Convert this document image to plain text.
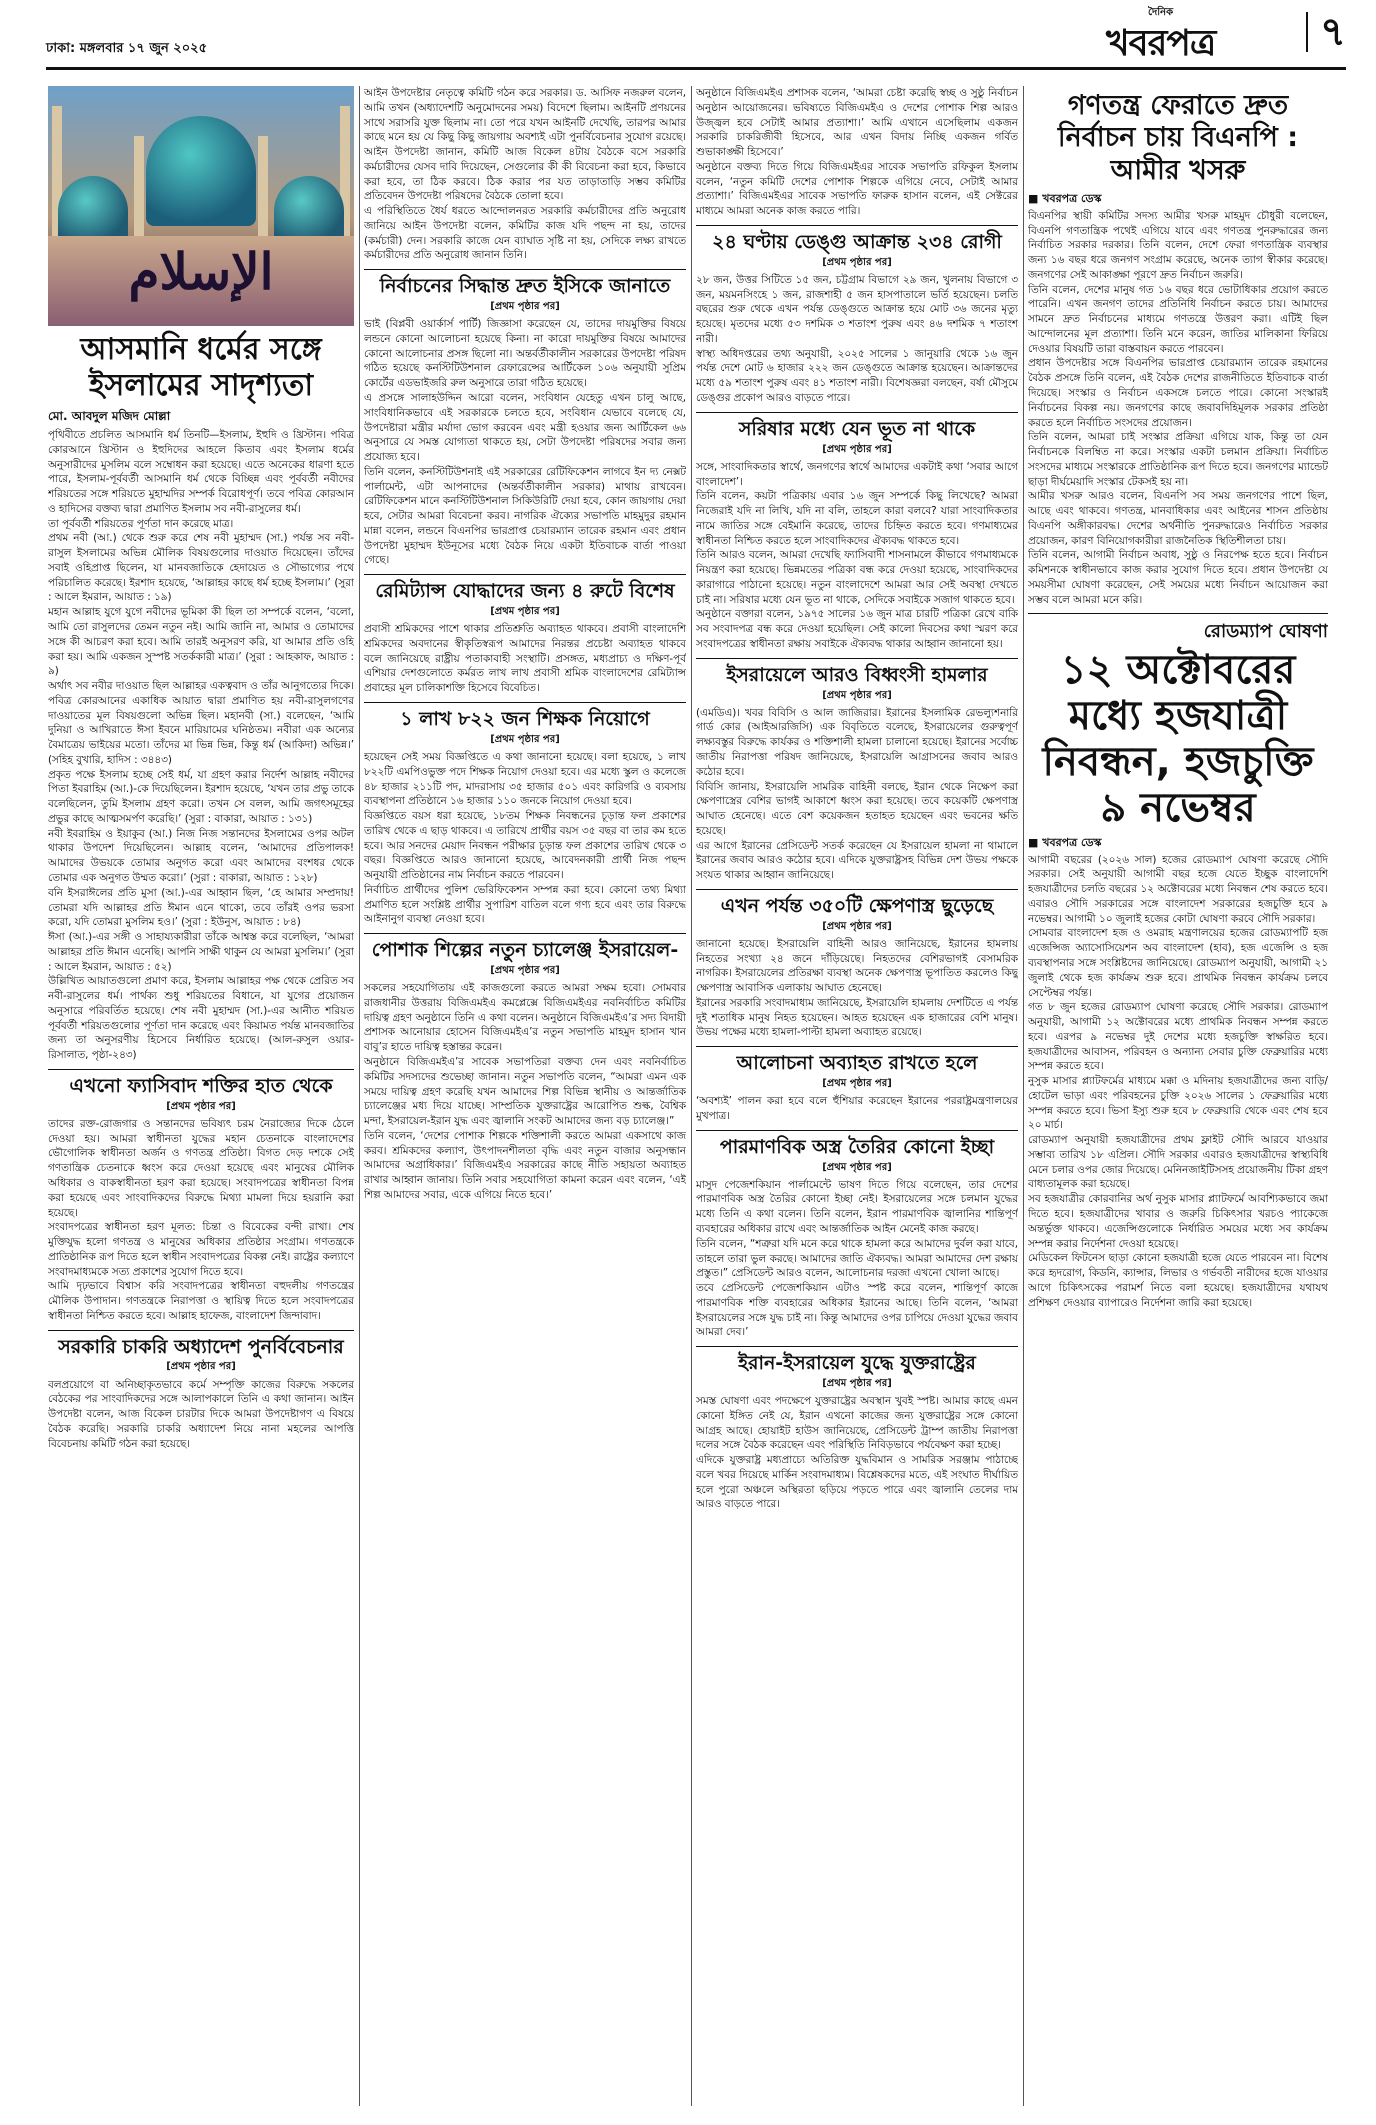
ঢাকা: মঙ্গলবার ১৭ জুন ২০২৫
দৈনিক
খবরপত্র	৭
الإسلام
আসমানি ধর্মের সঙ্গে ইসলামের সাদৃশ্যতা
মো. আবদুল মজিদ মোল্লা

পৃথিবীতে প্রচলিত আসমানি ধর্ম তিনটি—ইসলাম, ইহুদি ও খ্রিস্টান। পবিত্র কোরআনে খ্রিস্টান ও ইহুদিদের আহলে কিতাব এবং ইসলাম ধর্মের অনুসারীদের মুসলিম বলে সম্বোধন করা হয়েছে। এতে অনেকের ধারণা হতে পারে, ইসলাম-পূর্ববর্তী আসমানি ধর্ম থেকে বিচ্ছিন্ন এবং পূর্ববর্তী নবীদের শরিয়তের সঙ্গে শরিয়তে মুহাম্মদির সম্পর্ক বিরোধপূর্ণ। তবে পবিত্র কোরআন ও হাদিসের বক্তব্য দ্বারা প্রমাণিত ইসলাম সব নবী-রাসুলের ধর্ম।

তা পূর্ববর্তী শরিয়তের পূর্ণতা দান করেছে মাত্র।

প্রথম নবী (আ.) থেকে শুরু করে শেষ নবী মুহাম্মদ (সা.) পর্যন্ত সব নবী-রাসুল ইসলামের অভিন্ন মৌলিক বিষয়গুলোর দাওয়াত দিয়েছেন। তাঁদের সবাই ওহিপ্রাপ্ত ছিলেন, যা মানবজাতিকে হেদায়েত ও সৌভাগ্যের পথে পরিচালিত করেছে। ইরশাদ হয়েছে, ‘আল্লাহর কাছে ধর্ম হচ্ছে ইসলাম।’ (সুরা : আলে ইমরান, আয়াত : ১৯)

মহান আল্লাহ যুগে যুগে নবীদের ভূমিকা কী ছিল তা সম্পর্কে বলেন, ‘বলো, আমি তো রাসুলদের তেমন নতুন নই। আমি জানি না, আমার ও তোমাদের সঙ্গে কী আচরণ করা হবে। আমি তারই অনুসরণ করি, যা আমার প্রতি ওহি করা হয়। আমি একজন সুস্পষ্ট সতর্ককারী মাত্র।’ (সুরা : আহকাফ, আয়াত : ৯)

অর্থাৎ সব নবীর দাওয়াত ছিল আল্লাহর একত্ববাদ ও তাঁর আনুগত্যের দিকে। পবিত্র কোরআনের একাধিক আয়াত দ্বারা প্রমাণিত হয় নবী-রাসুলগণের দাওয়াতের মূল বিষয়গুলো অভিন্ন ছিল। মহানবী (সা.) বলেছেন, ‘আমি দুনিয়া ও আখিরাতে ঈসা ইবনে মারিয়ামের ঘনিষ্ঠতম। নবীরা এক অন্যের বৈমাত্রেয় ভাইয়ের মতো। তাঁদের মা ভিন্ন ভিন্ন, কিন্তু ধর্ম (আকিদা) অভিন্ন।’ (সহিহ বুখারি, হাদিস : ৩৪৪৩)

প্রকৃত পক্ষে ইসলাম হচ্ছে সেই ধর্ম, যা গ্রহণ করার নির্দেশ আল্লাহ নবীদের পিতা ইবরাহিম (আ.)-কে দিয়েছিলেন। ইরশাদ হয়েছে, ‘যখন তার প্রভু তাকে বলেছিলেন, তুমি ইসলাম গ্রহণ করো। তখন সে বলল, আমি জগৎসমূহের প্রভুর কাছে আত্মসমর্পণ করেছি।’ (সুরা : বাকারা, আয়াত : ১৩১)

নবী ইবরাহিম ও ইয়াকুব (আ.) নিজ নিজ সন্তানদের ইসলামের ওপর অটল থাকার উপদেশ দিয়েছিলেন। আল্লাহ বলেন, ‘আমাদের প্রতিপালক! আমাদের উভয়কে তোমার অনুগত করো এবং আমাদের বংশধর থেকে তোমার এক অনুগত উম্মত করো।’ (সুরা : বাকারা, আয়াত : ১২৮)

বনি ইসরাঈলের প্রতি মুসা (আ.)-এর আহ্বান ছিল, ‘হে আমার সম্প্রদায়! তোমরা যদি আল্লাহর প্রতি ঈমান এনে থাকো, তবে তাঁরই ওপর ভরসা করো, যদি তোমরা মুসলিম হও।’ (সুরা : ইউনুস, আয়াত : ৮৪)

ঈসা (আ.)-এর সঙ্গী ও সাহায্যকারীরা তাঁকে আশ্বস্ত করে বলেছিল, ‘আমরা আল্লাহর প্রতি ঈমান এনেছি। আপনি সাক্ষী থাকুন যে আমরা মুসলিম।’ (সুরা : আলে ইমরান, আয়াত : ৫২)

উল্লিখিত আয়াতগুলো প্রমাণ করে, ইসলাম আল্লাহর পক্ষ থেকে প্রেরিত সব নবী-রাসুলের ধর্ম। পার্থক্য শুধু শরিয়তের বিধানে, যা যুগের প্রয়োজন অনুসারে পরিবর্তিত হয়েছে। শেষ নবী মুহাম্মদ (সা.)-এর আনীত শরিয়ত পূর্ববর্তী শরিয়তগুলোর পূর্ণতা দান করেছে এবং কিয়ামত পর্যন্ত মানবজাতির জন্য তা অনুসরণীয় হিসেবে নির্ধারিত হয়েছে। (আল-রুসুল ওয়ার-রিসালাত, পৃষ্ঠা-২৪৩)

এখনো ফ্যাসিবাদ শক্তির হাত থেকে
[প্রথম পৃষ্ঠার পর]

তাদের রক্ত-রোজগার ও সন্তানদের ভবিষ্যৎ চরম নৈরাজ্যের দিকে ঠেলে দেওয়া হয়। আমরা স্বাধীনতা যুদ্ধের মহান চেতনাকে বাংলাদেশের ভৌগোলিক স্বাধীনতা অর্জন ও গণতন্ত্র প্রতিষ্ঠা। বিগত দেড় দশকে সেই গণতান্ত্রিক চেতনাকে ধ্বংস করে দেওয়া হয়েছে এবং মানুষের মৌলিক অধিকার ও বাকস্বাধীনতা হরণ করা হয়েছে। সংবাদপত্রের স্বাধীনতা বিপন্ন করা হয়েছে এবং সাংবাদিকদের বিরুদ্ধে মিথ্যা মামলা দিয়ে হয়রানি করা হয়েছে।

সংবাদপত্রের স্বাধীনতা হরণ মূলত: চিন্তা ও বিবেকের বন্দী রাখা। শেষ মুক্তিযুদ্ধ হলো গণতন্ত্র ও মানুষের অধিকার প্রতিষ্ঠার সংগ্রাম। গণতন্ত্রকে প্রাতিষ্ঠানিক রূপ দিতে হলে স্বাধীন সংবাদপত্রের বিকল্প নেই। রাষ্ট্রের কল্যাণে সংবাদমাধ্যমকে সত্য প্রকাশের সুযোগ দিতে হবে।

আমি দৃঢ়ভাবে বিশ্বাস করি সংবাদপত্রের স্বাধীনতা বহুদলীয় গণতন্ত্রের মৌলিক উপাদান। গণতন্ত্রকে নিরাপত্তা ও স্থায়িত্ব দিতে হলে সংবাদপত্রের স্বাধীনতা নিশ্চিত করতে হবে। আল্লাহ হাফেজ, বাংলাদেশ জিন্দাবাদ।

সরকারি চাকরি অধ্যাদেশ পুনর্বিবেচনার
[প্রথম পৃষ্ঠার পর]

বলপ্রয়োগে বা অনিচ্ছাকৃতভাবে কর্মে সম্পৃক্তি কাজের বিরুদ্ধে সকলের বেঠকের পর সাংবাদিকদের সঙ্গে আলাপকালে তিনি এ কথা জানান। আইন উপদেষ্টা বলেন, আজ বিকেল চারটার দিকে আমরা উপদেষ্টাগণ এ বিষয়ে বৈঠক করেছি। সরকারি চাকরি অধ্যাদেশ নিয়ে নানা মহলের আপত্তি বিবেচনায় কমিটি গঠন করা হয়েছে।

আইন উপদেষ্টার নেতৃত্বে কমিটি গঠন করে সরকার। ড. আসিফ নজরুল বলেন, আমি তখন (অধ্যাদেশটি অনুমোদনের সময়) বিদেশে ছিলাম। আইনটি প্রণয়নের সাথে সরাসরি যুক্ত ছিলাম না। তো পরে যখন আইনটি দেখেছি, তারপর আমার কাছে মনে হয় যে কিছু কিছু জায়গায় অবশ্যই এটা পুনর্বিবেচনার সুযোগ রয়েছে। আইন উপদেষ্টা জানান, কমিটি আজ বিকেল ৪টায় বৈঠকে বসে সরকারি কর্মচারীদের যেসব দাবি দিয়েছেন, সেগুলোর কী কী বিবেচনা করা হবে, কিভাবে করা হবে, তা ঠিক করবে। ঠিক করার পর যত তাড়াতাড়ি সম্ভব কমিটির প্রতিবেদন উপদেষ্টা পরিষদের বৈঠকে তোলা হবে।

এ পরিস্থিতিতে ধৈর্য ধরতে আন্দোলনরত সরকারি কর্মচারীদের প্রতি অনুরোধ জানিয়ে আইন উপদেষ্টা বলেন, কমিটির কাজ যদি পছন্দ না হয়, তাদের (কর্মচারী) দেন। সরকারি কাজে যেন ব্যাঘাত সৃষ্টি না হয়, সেদিকে লক্ষ্য রাখতে কর্মচারীদের প্রতি অনুরোধ জানান তিনি।

নির্বাচনের সিদ্ধান্ত দ্রুত ইসিকে জানাতে
[প্রথম পৃষ্ঠার পর]

ভাই (বিপ্লবী ওয়ার্কার্স পার্টি) জিজ্ঞাসা করেছেন যে, তাদের দায়মুক্তির বিষয়ে লন্ডনে কোনো আলোচনা হয়েছে কিনা। না কারো দায়মুক্তির বিষয়ে আমাদের কোনো আলোচনার প্রসঙ্গ ছিলো না। অন্তর্বর্তীকালীন সরকারের উপদেষ্টা পরিষদ গঠিত হয়েছে কনস্টিটিউশনাল রেফারেন্সের আর্টিকেল ১০৬ অনুযায়ী সুপ্রিম কোর্টের এডভাইজরি রুল অনুসারে তারা গঠিত হয়েছে।

এ প্রসঙ্গে সালাহউদ্দিন আরো বলেন, সংবিধান যেহেতু এখন চালু আছে, সাংবিধানিকভাবে এই সরকারকে চলতে হবে, সংবিধান যেভাবে বলেছে যে, উপদেষ্টারা মন্ত্রীর মর্যাদা ভোগ করবেন এবং মন্ত্রী হওয়ার জন্য আর্টিকেল ৬৬ অনুসারে যে সমস্ত যোগ্যতা থাকতে হয়, সেটা উপদেষ্টা পরিষদের সবার জন্য প্রযোজ্য হবে।

তিনি বলেন, কনস্টিটিউশনাই এই সরকারের রেটিফিকেশন লাগবে ইন দ্য নেক্সট পার্লামেন্ট, এটা আপনাদের (অন্তর্বর্তীকালীন সরকার) মাথায় রাখবেন। রেটিফিকেশন মানে কনস্টিটিউশনাল সিকিউরিটি দেয়া হবে, কোন জায়গায় দেয়া হবে, সেটার আমরা বিবেচনা করব। নাগরিক ঐক্যের সভাপতি মাহমুদুর রহমান মান্না বলেন, লন্ডনে বিএনপির ভারপ্রাপ্ত চেয়ারম্যান তারেক রহমান এবং প্রধান উপদেষ্টা মুহাম্মদ ইউনূসের মধ্যে বৈঠক নিয়ে একটা ইতিবাচক বার্তা পাওয়া গেছে।

রেমিট্যান্স যোদ্ধাদের জন্য ৪ রুটে বিশেষ
[প্রথম পৃষ্ঠার পর]

প্রবাসী শ্রমিকদের পাশে থাকার প্রতিশ্রুতি অব্যাহত থাকবে। প্রবাসী বাংলাদেশি শ্রমিকদের অবদানের স্বীকৃতিস্বরূপ আমাদের নিরন্তর প্রচেষ্টা অব্যাহত থাকবে বলে জানিয়েছে রাষ্ট্রীয় পতাকাবাহী সংস্থাটি। প্রসঙ্গত, মধ্যপ্রাচ্য ও দক্ষিণ-পূর্ব এশিয়ার দেশগুলোতে কর্মরত লাখ লাখ প্রবাসী শ্রমিক বাংলাদেশের রেমিট্যান্স প্রবাহের মূল চালিকাশক্তি হিসেবে বিবেচিত।

১ লাখ ৮২২ জন শিক্ষক নিয়োগে
[প্রথম পৃষ্ঠার পর]

হয়েছেন সেই সময় বিজ্ঞপ্তিতে এ কথা জানানো হয়েছে। বলা হয়েছে, ১ লাখ ৮২২টি এমপিওভুক্ত পদে শিক্ষক নিয়োগ দেওয়া হবে। এর মধ্যে স্কুল ও কলেজে ৪৮ হাজার ২১১টি পদ, মাদরাসায় ৩৫ হাজার ৫০১ এবং কারিগরি ও ব্যবসায় ব্যবস্থাপনা প্রতিষ্ঠানে ১৬ হাজার ১১০ জনকে নিয়োগ দেওয়া হবে।

বিজ্ঞপ্তিতে বয়স ধরা হয়েছে, ১৮তম শিক্ষক নিবন্ধনের চূড়ান্ত ফল প্রকাশের তারিখ থেকে এ ছাড় থাকবে। এ তারিখে প্রার্থীর বয়স ৩৫ বছর বা তার কম হতে হবে। আর সনদের মেয়াদ নিবন্ধন পরীক্ষার চূড়ান্ত ফল প্রকাশের তারিখ থেকে ৩ বছর। বিজ্ঞপ্তিতে আরও জানানো হয়েছে, আবেদনকারী প্রার্থী নিজ পছন্দ অনুযায়ী প্রতিষ্ঠানের নাম নির্বাচন করতে পারবেন।

নির্বাচিত প্রার্থীদের পুলিশ ভেরিফিকেশন সম্পন্ন করা হবে। কোনো তথ্য মিথ্যা প্রমাণিত হলে সংশ্লিষ্ট প্রার্থীর সুপারিশ বাতিল বলে গণ্য হবে এবং তার বিরুদ্ধে আইনানুগ ব্যবস্থা নেওয়া হবে।

পোশাক শিল্পের নতুন চ্যালেঞ্জ ইসরায়েল-
[প্রথম পৃষ্ঠার পর]

সকলের সহযোগিতায় এই কাজগুলো করতে আমরা সক্ষম হবো। সোমবার রাজধানীর উত্তরায় বিজিএমইএ কমপ্লেক্সে বিজিএমইএর নবনির্বাচিত কমিটির দায়িত্ব গ্রহণ অনুষ্ঠানে তিনি এ কথা বলেন। অনুষ্ঠানে বিজিএমইএ’র সদ্য বিদায়ী প্রশাসক আনোয়ার হোসেন বিজিএমইএ’র নতুন সভাপতি মাহমুদ হাসান খান বাবু’র হাতে দায়িত্ব হস্তান্তর করেন।

অনুষ্ঠানে বিজিএমইএ’র সাবেক সভাপতিরা বক্তব্য দেন এবং নবনির্বাচিত কমিটির সদস্যদের শুভেচ্ছা জানান। নতুন সভাপতি বলেন, “আমরা এমন এক সময়ে দায়িত্ব গ্রহণ করেছি যখন আমাদের শিল্প বিভিন্ন স্থানীয় ও আন্তর্জাতিক চ্যালেঞ্জের মধ্য দিয়ে যাচ্ছে। সাম্প্রতিক যুক্তরাষ্ট্রের আরোপিত শুল্ক, বৈশ্বিক মন্দা, ইসরায়েল-ইরান যুদ্ধ এবং জ্বালানি সংকট আমাদের জন্য বড় চ্যালেঞ্জ।”

তিনি বলেন, ‘দেশের পোশাক শিল্পকে শক্তিশালী করতে আমরা একসাথে কাজ করব। শ্রমিকদের কল্যাণ, উৎপাদনশীলতা বৃদ্ধি এবং নতুন বাজার অনুসন্ধান আমাদের অগ্রাধিকার।’ বিজিএমইএ সরকারের কাছে নীতি সহায়তা অব্যাহত রাখার আহ্বান জানায়। তিনি সবার সহযোগিতা কামনা করেন এবং বলেন, ‘এই শিল্প আমাদের সবার, একে এগিয়ে নিতে হবে।’

অনুষ্ঠানে বিজিএমইএ প্রশাসক বলেন, ‘আমরা চেষ্টা করেছি স্বচ্ছ ও সুষ্ঠু নির্বাচন অনুষ্ঠান আয়োজনের। ভবিষ্যতে বিজিএমইএ ও দেশের পোশাক শিল্প আরও উজ্জ্বল হবে সেটাই আমার প্রত্যাশা।’ আমি এখানে এসেছিলাম একজন সরকারি চাকরিজীবী হিসেবে, আর এখন বিদায় নিচ্ছি একজন গর্বিত শুভাকাঙ্ক্ষী হিসেবে।’

অনুষ্ঠানে বক্তব্য দিতে গিয়ে বিজিএমইএর সাবেক সভাপতি রফিকুল ইসলাম বলেন, ‘নতুন কমিটি দেশের পোশাক শিল্পকে এগিয়ে নেবে, সেটাই আমার প্রত্যাশা।’ বিজিএমইএর সাবেক সভাপতি ফারুক হাসান বলেন, এই সেক্টরের মাধ্যমে আমরা অনেক কাজ করতে পারি।

২৪ ঘণ্টায় ডেঙ্গু আক্রান্ত ২৩৪ রোগী
[প্রথম পৃষ্ঠার পর]

২৮ জন, উত্তর সিটিতে ১৫ জন, চট্টগ্রাম বিভাগে ২৯ জন, খুলনায় বিভাগে ৩ জন, ময়মনসিংহে ১ জন, রাজশাহী ৫ জন হাসপাতালে ভর্তি হয়েছেন। চলতি বছরের শুরু থেকে এখন পর্যন্ত ডেঙ্গুতে আক্রান্ত হয়ে মোট ৩৬ জনের মৃত্যু হয়েছে। মৃতদের মধ্যে ৫৩ দশমিক ৩ শতাংশ পুরুষ এবং ৪৬ দশমিক ৭ শতাংশ নারী।

স্বাস্থ্য অধিদপ্তরের তথ্য অনুযায়ী, ২০২৫ সালের ১ জানুয়ারি থেকে ১৬ জুন পর্যন্ত দেশে মোট ৬ হাজার ২২২ জন ডেঙ্গুতে আক্রান্ত হয়েছেন। আক্রান্তদের মধ্যে ৫৯ শতাংশ পুরুষ এবং ৪১ শতাংশ নারী। বিশেষজ্ঞরা বলছেন, বর্ষা মৌসুমে ডেঙ্গুর প্রকোপ আরও বাড়তে পারে।

সরিষার মধ্যে যেন ভূত না থাকে
[প্রথম পৃষ্ঠার পর]

সঙ্গে, সাংবাদিকতার স্বার্থে, জনগণের স্বার্থে আমাদের একটাই কথা ‘সবার আগে বাংলাদেশ’।

তিনি বলেন, কয়টা পত্রিকায় এবার ১৬ জুন সম্পর্কে কিছু লিখেছে? আমরা নিজেরাই যদি না লিখি, যদি না বলি, তাহলে কারা বলবে? যারা সাংবাদিকতার নামে জাতির সঙ্গে বেইমানি করেছে, তাদের চিহ্নিত করতে হবে। গণমাধ্যমের স্বাধীনতা নিশ্চিত করতে হলে সাংবাদিকদের ঐক্যবদ্ধ থাকতে হবে।

তিনি আরও বলেন, আমরা দেখেছি ফ্যাসিবাদী শাসনামলে কীভাবে গণমাধ্যমকে নিয়ন্ত্রণ করা হয়েছে। ভিন্নমতের পত্রিকা বন্ধ করে দেওয়া হয়েছে, সাংবাদিকদের কারাগারে পাঠানো হয়েছে। নতুন বাংলাদেশে আমরা আর সেই অবস্থা দেখতে চাই না। সরিষার মধ্যে যেন ভূত না থাকে, সেদিকে সবাইকে সজাগ থাকতে হবে।

অনুষ্ঠানে বক্তারা বলেন, ১৯৭৫ সালের ১৬ জুন মাত্র চারটি পত্রিকা রেখে বাকি সব সংবাদপত্র বন্ধ করে দেওয়া হয়েছিল। সেই কালো দিবসের কথা স্মরণ করে সংবাদপত্রের স্বাধীনতা রক্ষায় সবাইকে ঐক্যবদ্ধ থাকার আহ্বান জানানো হয়।

ইসরায়েলে আরও বিধ্বংসী হামলার
[প্রথম পৃষ্ঠার পর]

(এমডিএ)। খবর বিবিসি ও আল জাজিরার। ইরানের ইসলামিক রেভল্যুশনারি গার্ড কোর (আইআরজিসি) এক বিবৃতিতে বলেছে, ইসরায়েলের গুরুত্বপূর্ণ লক্ষ্যবস্তুর বিরুদ্ধে কার্যকর ও শক্তিশালী হামলা চালানো হয়েছে। ইরানের সর্বোচ্চ জাতীয় নিরাপত্তা পরিষদ জানিয়েছে, ইসরায়েলি আগ্রাসনের জবাব আরও কঠোর হবে।

বিবিসি জানায়, ইসরায়েলি সামরিক বাহিনী বলছে, ইরান থেকে নিক্ষেপ করা ক্ষেপণাস্ত্রের বেশির ভাগই আকাশে ধ্বংস করা হয়েছে। তবে কয়েকটি ক্ষেপণাস্ত্র আঘাত হেনেছে। এতে বেশ কয়েকজন হতাহত হয়েছেন এবং ভবনের ক্ষতি হয়েছে।

এর আগে ইরানের প্রেসিডেন্ট সতর্ক করেছেন যে ইসরায়েল হামলা না থামালে ইরানের জবাব আরও কঠোর হবে। এদিকে যুক্তরাষ্ট্রসহ বিভিন্ন দেশ উভয় পক্ষকে সংযত থাকার আহ্বান জানিয়েছে।

এখন পর্যন্ত ৩৫০টি ক্ষেপণাস্ত্র ছুড়েছে
[প্রথম পৃষ্ঠার পর]

জানানো হয়েছে। ইসরায়েলি বাহিনী আরও জানিয়েছে, ইরানের হামলায় নিহতের সংখ্যা ২৪ জনে দাঁড়িয়েছে। নিহতদের বেশিরভাগই বেসামরিক নাগরিক। ইসরায়েলের প্রতিরক্ষা ব্যবস্থা অনেক ক্ষেপণাস্ত্র ভূপাতিত করলেও কিছু ক্ষেপণাস্ত্র আবাসিক এলাকায় আঘাত হেনেছে।

ইরানের সরকারি সংবাদমাধ্যম জানিয়েছে, ইসরায়েলি হামলায় দেশটিতে এ পর্যন্ত দুই শতাধিক মানুষ নিহত হয়েছেন। আহত হয়েছেন এক হাজারের বেশি মানুষ। উভয় পক্ষের মধ্যে হামলা-পাল্টা হামলা অব্যাহত রয়েছে।

আলোচনা অব্যাহত রাখতে হলে
[প্রথম পৃষ্ঠার পর]

‘অবশ্যই’ পালন করা হবে বলে হুঁশিয়ার করেছেন ইরানের পররাষ্ট্রমন্ত্রণালয়ের মুখপাত্র।

পারমাণবিক অস্ত্র তৈরির কোনো ইচ্ছা
[প্রথম পৃষ্ঠার পর]

মাসুদ পেজেশকিয়ান পার্লামেন্টে ভাষণ দিতে গিয়ে বলেছেন, তার দেশের পারমাণবিক অস্ত্র তৈরির কোনো ইচ্ছা নেই। ইসরায়েলের সঙ্গে চলমান যুদ্ধের মধ্যে তিনি এ কথা বলেন। তিনি বলেন, ইরান পারমাণবিক জ্বালানির শান্তিপূর্ণ ব্যবহারের অধিকার রাখে এবং আন্তর্জাতিক আইন মেনেই কাজ করছে।

তিনি বলেন, “শত্রুরা যদি মনে করে থাকে হামলা করে আমাদের দুর্বল করা যাবে, তাহলে তারা ভুল করছে। আমাদের জাতি ঐক্যবদ্ধ। আমরা আমাদের দেশ রক্ষায় প্রস্তুত।” প্রেসিডেন্ট আরও বলেন, আলোচনার দরজা এখনো খোলা আছে।

তবে প্রেসিডেন্ট পেজেশকিয়ান এটাও স্পষ্ট করে বলেন, শান্তিপূর্ণ কাজে পারমাণবিক শক্তি ব্যবহারের অধিকার ইরানের আছে। তিনি বলেন, ‘আমরা ইসরায়েলের সঙ্গে যুদ্ধ চাই না। কিন্তু আমাদের ওপর চাপিয়ে দেওয়া যুদ্ধের জবাব আমরা দেব।’

ইরান-ইসরায়েল যুদ্ধে যুক্তরাষ্ট্রের
[প্রথম পৃষ্ঠার পর]

সমস্ত ঘোষণা এবং পদক্ষেপে যুক্তরাষ্ট্রের অবস্থান খুবই স্পষ্ট। আমার কাছে এমন কোনো ইঙ্গিত নেই যে, ইরান এখনো কাজের জন্য যুক্তরাষ্ট্রের সঙ্গে কোনো আগ্রহ আছে। হোয়াইট হাউস জানিয়েছে, প্রেসিডেন্ট ট্রাম্প জাতীয় নিরাপত্তা দলের সঙ্গে বৈঠক করেছেন এবং পরিস্থিতি নিবিড়ভাবে পর্যবেক্ষণ করা হচ্ছে।

এদিকে যুক্তরাষ্ট্র মধ্যপ্রাচ্যে অতিরিক্ত যুদ্ধবিমান ও সামরিক সরঞ্জাম পাঠাচ্ছে বলে খবর দিয়েছে মার্কিন সংবাদমাধ্যম। বিশ্লেষকদের মতে, এই সংঘাত দীর্ঘায়িত হলে পুরো অঞ্চলে অস্থিরতা ছড়িয়ে পড়তে পারে এবং জ্বালানি তেলের দাম আরও বাড়তে পারে।

গণতন্ত্র ফেরাতে দ্রুত নির্বাচন চায় বিএনপি : আমীর খসরু
■ খবরপত্র ডেস্ক

বিএনপির স্থায়ী কমিটির সদস্য আমীর খসরু মাহমুদ চৌধুরী বলেছেন, বিএনপি গণতান্ত্রিক পথেই এগিয়ে যাবে এবং গণতন্ত্র পুনরুদ্ধারের জন্য নির্বাচিত সরকার দরকার। তিনি বলেন, দেশে ফেরা গণতান্ত্রিক ব্যবস্থার জন্য ১৬ বছর ধরে জনগণ সংগ্রাম করেছে, অনেক ত্যাগ স্বীকার করেছে। জনগণের সেই আকাঙ্ক্ষা পূরণে দ্রুত নির্বাচন জরুরি।

তিনি বলেন, দেশের মানুষ গত ১৬ বছর ধরে ভোটাধিকার প্রয়োগ করতে পারেনি। এখন জনগণ তাদের প্রতিনিধি নির্বাচন করতে চায়। আমাদের সামনে দ্রুত নির্বাচনের মাধ্যমে গণতন্ত্রে উত্তরণ করা। এটিই ছিল আন্দোলনের মূল প্রত্যাশা। তিনি মনে করেন, জাতির মালিকানা ফিরিয়ে দেওয়ার বিষয়টি তারা বাস্তবায়ন করতে পারবেন।

প্রধান উপদেষ্টার সঙ্গে বিএনপির ভারপ্রাপ্ত চেয়ারম্যান তারেক রহমানের বৈঠক প্রসঙ্গে তিনি বলেন, এই বৈঠক দেশের রাজনীতিতে ইতিবাচক বার্তা দিয়েছে। সংস্কার ও নির্বাচন একসঙ্গে চলতে পারে। কোনো সংস্কারই নির্বাচনের বিকল্প নয়। জনগণের কাছে জবাবদিহিমূলক সরকার প্রতিষ্ঠা করতে হলে নির্বাচিত সংসদের প্রয়োজন।

তিনি বলেন, আমরা চাই সংস্কার প্রক্রিয়া এগিয়ে যাক, কিন্তু তা যেন নির্বাচনকে বিলম্বিত না করে। সংস্কার একটা চলমান প্রক্রিয়া। নির্বাচিত সংসদের মাধ্যমে সংস্কারকে প্রাতিষ্ঠানিক রূপ দিতে হবে। জনগণের ম্যান্ডেট ছাড়া দীর্ঘমেয়াদি সংস্কার টেকসই হয় না।

আমীর খসরু আরও বলেন, বিএনপি সব সময় জনগণের পাশে ছিল, আছে এবং থাকবে। গণতন্ত্র, মানবাধিকার এবং আইনের শাসন প্রতিষ্ঠায় বিএনপি অঙ্গীকারবদ্ধ। দেশের অর্থনীতি পুনরুদ্ধারেও নির্বাচিত সরকার প্রয়োজন, কারণ বিনিয়োগকারীরা রাজনৈতিক স্থিতিশীলতা চায়।

তিনি বলেন, আগামী নির্বাচন অবাধ, সুষ্ঠু ও নিরপেক্ষ হতে হবে। নির্বাচন কমিশনকে স্বাধীনভাবে কাজ করার সুযোগ দিতে হবে। প্রধান উপদেষ্টা যে সময়সীমা ঘোষণা করেছেন, সেই সময়ের মধ্যে নির্বাচন আয়োজন করা সম্ভব বলে আমরা মনে করি।

রোডম্যাপ ঘোষণা
১২ অক্টোবরের মধ্যে হজযাত্রী নিবন্ধন, হজচুক্তি ৯ নভেম্বর
■ খবরপত্র ডেস্ক

আগামী বছরের (২০২৬ সাল) হজের রোডম্যাপ ঘোষণা করেছে সৌদি সরকার। সেই অনুযায়ী আগামী বছর হজে যেতে ইচ্ছুক বাংলাদেশি হজযাত্রীদের চলতি বছরের ১২ অক্টোবরের মধ্যে নিবন্ধন শেষ করতে হবে। এবারও সৌদি সরকারের সঙ্গে বাংলাদেশ সরকারের হজচুক্তি হবে ৯ নভেম্বর। আগামী ১০ জুলাই হজের কোটা ঘোষণা করবে সৌদি সরকার।

সোমবার বাংলাদেশ হজ ও ওমরাহ মন্ত্রণালয়ের হজের রোডম্যাপটি হজ এজেন্সিজ অ্যাসোসিয়েশন অব বাংলাদেশ (হাব), হজ এজেন্সি ও হজ ব্যবস্থাপনার সঙ্গে সংশ্লিষ্টদের জানিয়েছে। রোডম্যাপ অনুযায়ী, আগামী ২১ জুলাই থেকে হজ কার্যক্রম শুরু হবে। প্রাথমিক নিবন্ধন কার্যক্রম চলবে সেপ্টেম্বর পর্যন্ত।

গত ৮ জুন হজের রোডম্যাপ ঘোষণা করেছে সৌদি সরকার। রোডম্যাপ অনুযায়ী, আগামী ১২ অক্টোবরের মধ্যে প্রাথমিক নিবন্ধন সম্পন্ন করতে হবে। এরপর ৯ নভেম্বর দুই দেশের মধ্যে হজচুক্তি স্বাক্ষরিত হবে। হজযাত্রীদের আবাসন, পরিবহন ও অন্যান্য সেবার চুক্তি ফেব্রুয়ারির মধ্যে সম্পন্ন করতে হবে।

নুসুক মাসার প্ল্যাটফর্মের মাধ্যমে মক্কা ও মদিনায় হজযাত্রীদের জন্য বাড়ি/হোটেল ভাড়া এবং পরিবহনের চুক্তি ২০২৬ সালের ১ ফেব্রুয়ারির মধ্যে সম্পন্ন করতে হবে। ভিসা ইস্যু শুরু হবে ৮ ফেব্রুয়ারি থেকে এবং শেষ হবে ২০ মার্চ।

রোডম্যাপ অনুযায়ী হজযাত্রীদের প্রথম ফ্লাইট সৌদি আরবে যাওয়ার সম্ভাব্য তারিখ ১৮ এপ্রিল। সৌদি সরকার এবারও হজযাত্রীদের স্বাস্থ্যবিধি মেনে চলার ওপর জোর দিয়েছে। মেনিনজাইটিসসহ প্রয়োজনীয় টিকা গ্রহণ বাধ্যতামূলক করা হয়েছে।

সব হজযাত্রীর কোরবানির অর্থ নুসুক মাসার প্ল্যাটফর্মে আবশ্যিকভাবে জমা দিতে হবে। হজযাত্রীদের খাবার ও জরুরি চিকিৎসার খরচও প্যাকেজে অন্তর্ভুক্ত থাকবে। এজেন্সিগুলোকে নির্ধারিত সময়ের মধ্যে সব কার্যক্রম সম্পন্ন করার নির্দেশনা দেওয়া হয়েছে।

মেডিকেল ফিটনেস ছাড়া কোনো হজযাত্রী হজে যেতে পারবেন না। বিশেষ করে হৃদরোগ, কিডনি, ক্যান্সার, লিভার ও গর্ভবতী নারীদের হজে যাওয়ার আগে চিকিৎসকের পরামর্শ নিতে বলা হয়েছে। হজযাত্রীদের যথাযথ প্রশিক্ষণ দেওয়ার ব্যাপারেও নির্দেশনা জারি করা হয়েছে।
